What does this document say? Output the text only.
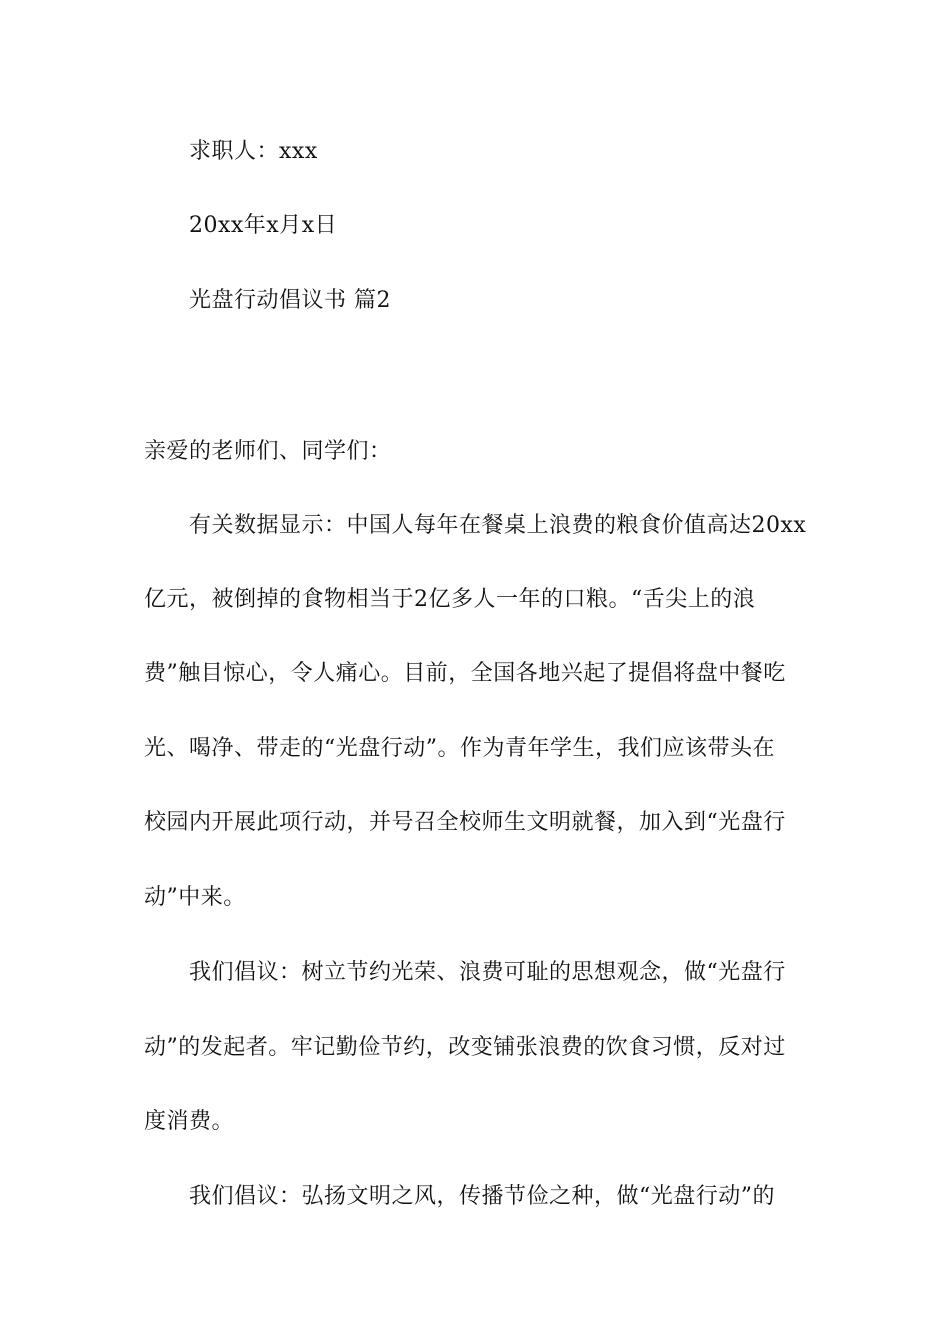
求职人：xxx
20xx年x月x日
光盘行动倡议书 篇2
亲爱的老师们、同学们：
有关数据显示：中国人每年在餐桌上浪费的粮食价值高达20xx
亿元，被倒掉的食物相当于2亿多人一年的口粮。“舌尖上的浪
费”触目惊心，令人痛心。目前，全国各地兴起了提倡将盘中餐吃
光、喝净、带走的“光盘行动”。作为青年学生，我们应该带头在
校园内开展此项行动，并号召全校师生文明就餐，加入到“光盘行
动”中来。
我们倡议：树立节约光荣、浪费可耻的思想观念，做“光盘行
动”的发起者。牢记勤俭节约，改变铺张浪费的饮食习惯，反对过
度消费。
我们倡议：弘扬文明之风，传播节俭之种，做“光盘行动”的
